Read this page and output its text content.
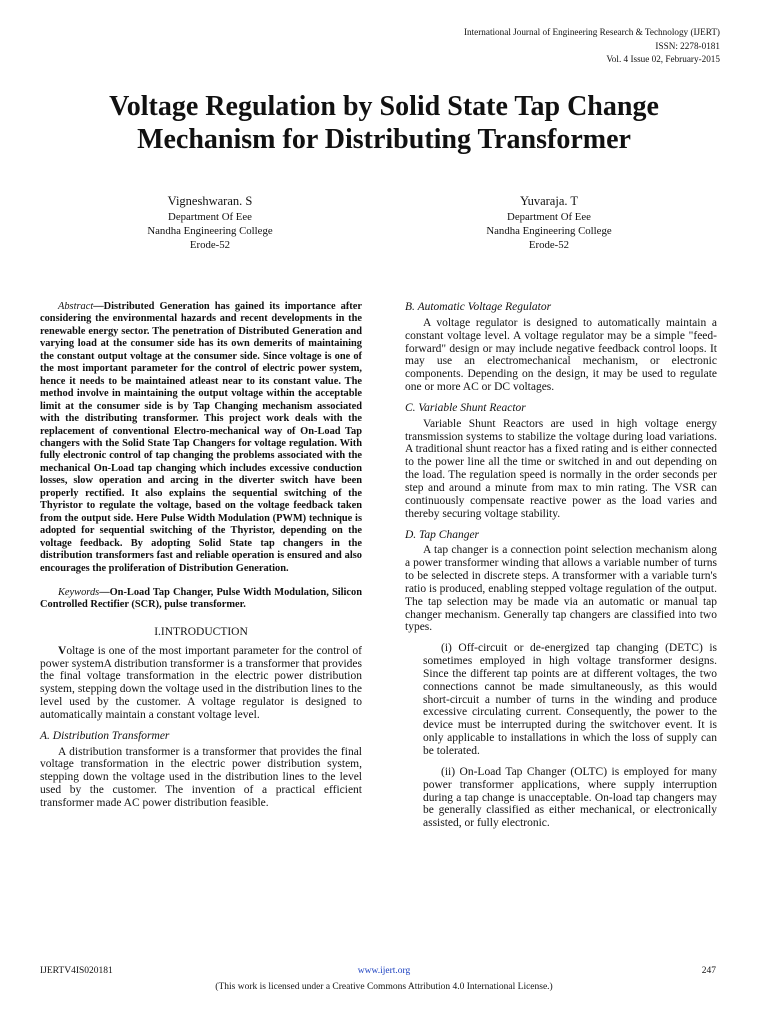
International Journal of Engineering Research & Technology (IJERT)
ISSN: 2278-0181
Vol. 4 Issue 02, February-2015
Voltage Regulation by Solid State Tap Change
Mechanism for Distributing Transformer
Vigneshwaran. S
Department Of Eee
Nandha Engineering College
Erode-52
Yuvaraja. T
Department Of Eee
Nandha Engineering College
Erode-52

Abstract—Distributed Generation has gained its importance after considering the environmental hazards and recent developments in the renewable energy sector. The penetration of Distributed Generation and varying load at the consumer side has its own demerits of maintaining the constant output voltage at the consumer side. Since voltage is one of the most important parameter for the control of electric power system, hence it needs to be maintained atleast near to its constant value. The method involve in maintaining the output voltage within the acceptable limit at the consumer side is by Tap Changing mechanism associated with the distributing transformer. This project work deals with the replacement of conventional Electro-mechanical way of On-Load Tap changers with the Solid State Tap Changers for voltage regulation. With fully electronic control of tap changing the problems associated with the mechanical On-Load tap changing which includes excessive conduction losses, slow operation and arcing in the diverter switch have been properly rectified. It also explains the sequential switching of the Thyristor to regulate the voltage, based on the voltage feedback taken from the output side. Here Pulse Width Modulation (PWM) technique is adopted for sequential switching of the Thyristor, depending on the voltage feedback. By adopting Solid State tap changers in the distribution transformers fast and reliable operation is ensured and also encourages the proliferation of Distribution Generation.

Keywords—On-Load Tap Changer, Pulse Width Modulation, Silicon Controlled Rectifier (SCR), pulse transformer.

I.INTRODUCTION

Voltage is one of the most important parameter for the control of power systemA distribution transformer is a transformer that provides the final voltage transformation in the electric power distribution system, stepping down the voltage used in the distribution lines to the level used by the customer. A voltage regulator is designed to automatically maintain a constant voltage level.

A. Distribution Transformer

A distribution transformer is a transformer that provides the final voltage transformation in the electric power distribution system, stepping down the voltage used in the distribution lines to the level used by the customer. The invention of a practical efficient transformer made AC power distribution feasible.

B. Automatic Voltage Regulator

A voltage regulator is designed to automatically maintain a constant voltage level. A voltage regulator may be a simple "feed-forward" design or may include negative feedback control loops. It may use an electromechanical mechanism, or electronic components. Depending on the design, it may be used to regulate one or more AC or DC voltages.

C. Variable Shunt Reactor

Variable Shunt Reactors are used in high voltage energy transmission systems to stabilize the voltage during load variations. A traditional shunt reactor has a fixed rating and is either connected to the power line all the time or switched in and out depending on the load. The regulation speed is normally in the order seconds per step and around a minute from max to min rating. The VSR can continuously compensate reactive power as the load varies and thereby securing voltage stability.

D. Tap Changer

A tap changer is a connection point selection mechanism along a power transformer winding that allows a variable number of turns to be selected in discrete steps. A transformer with a variable turn's ratio is produced, enabling stepped voltage regulation of the output. The tap selection may be made via an automatic or manual tap changer mechanism. Generally tap changers are classified into two types.

(i) Off-circuit or de-energized tap changing (DETC) is sometimes employed in high voltage transformer designs. Since the different tap points are at different voltages, the two connections cannot be made simultaneously, as this would short-circuit a number of turns in the winding and produce excessive circulating current. Consequently, the power to the device must be interrupted during the switchover event. It is only applicable to installations in which the loss of supply can be tolerated.

(ii) On-Load Tap Changer (OLTC) is employed for many power transformer applications, where supply interruption during a tap change is unacceptable. On-load tap changers may be generally classified as either mechanical, or electronically assisted, or fully electronic.

IJERTV4IS020181	www.ijert.org	247
(This work is licensed under a Creative Commons Attribution 4.0 International License.)
